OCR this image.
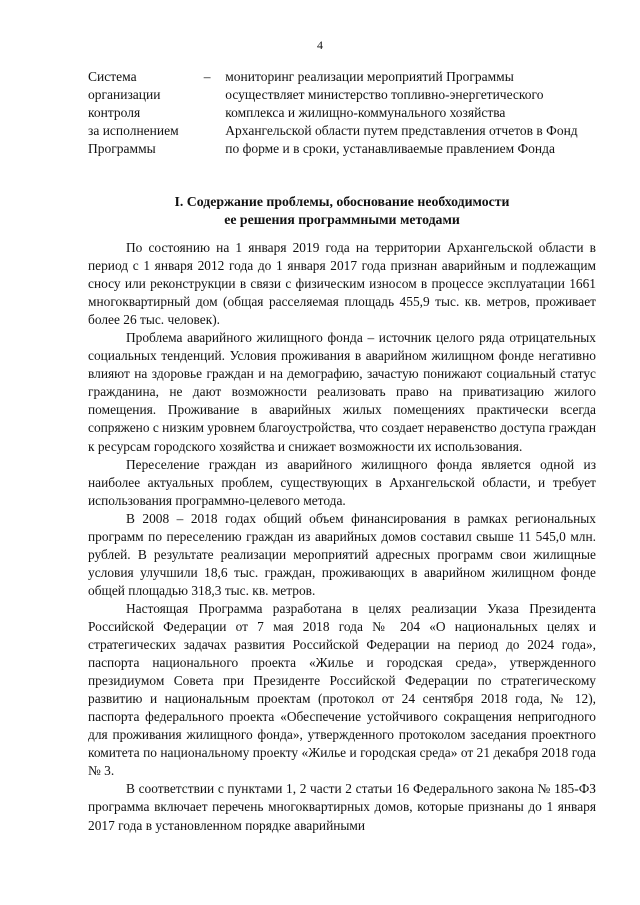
4
Система
организации
контроля
за исполнением
Программы
–	мониторинг реализации мероприятий Программы осуществляет министерство топливно-энергетического комплекса и жилищно-коммунального хозяйства Архангельской области путем представления отчетов в Фонд по форме и в сроки, устанавливаемые правлением Фонда
I. Содержание проблемы, обоснование необходимости
ее решения программными методами

По состоянию на 1 января 2019 года на территории Архангельской области в период с 1 января 2012 года до 1 января 2017 года признан аварийным и подлежащим сносу или реконструкции в связи с физическим износом в процессе эксплуатации 1661 многоквартирный дом (общая расселяемая площадь 455,9 тыс. кв. метров, проживает более 26 тыс. человек).

Проблема аварийного жилищного фонда – источник целого ряда отрицательных социальных тенденций. Условия проживания в аварийном жилищном фонде негативно влияют на здоровье граждан и на демографию, зачастую понижают социальный статус гражданина, не дают возможности реализовать право на приватизацию жилого помещения. Проживание в аварийных жилых помещениях практически всегда сопряжено с низким уровнем благоустройства, что создает неравенство доступа граждан к ресурсам городского хозяйства и снижает возможности их использования.

Переселение граждан из аварийного жилищного фонда является одной из наиболее актуальных проблем, существующих в Архангельской области, и требует использования программно-целевого метода.

В 2008 – 2018 годах общий объем финансирования в рамках региональных программ по переселению граждан из аварийных домов составил свыше 11 545,0 млн. рублей. В результате реализации мероприятий адресных программ свои жилищные условия улучшили 18,6 тыс. граждан, проживающих в аварийном жилищном фонде общей площадью 318,3 тыс. кв. метров.

Настоящая Программа разработана в целях реализации Указа Президента Российской Федерации от 7 мая 2018 года № 204 «О национальных целях и стратегических задачах развития Российской Федерации на период до 2024 года», паспорта национального проекта «Жилье и городская среда», утвержденного президиумом Совета при Президенте Российской Федерации по стратегическому развитию и национальным проектам (протокол от 24 сентября 2018 года, № 12), паспорта федерального проекта «Обеспечение устойчивого сокращения непригодного для проживания жилищного фонда», утвержденного протоколом заседания проектного комитета по национальному проекту «Жилье и городская среда» от 21 декабря 2018 года № 3.

В соответствии с пунктами 1, 2 части 2 статьи 16 Федерального закона № 185-ФЗ программа включает перечень многоквартирных домов, которые признаны до 1 января 2017 года в установленном порядке аварийными
